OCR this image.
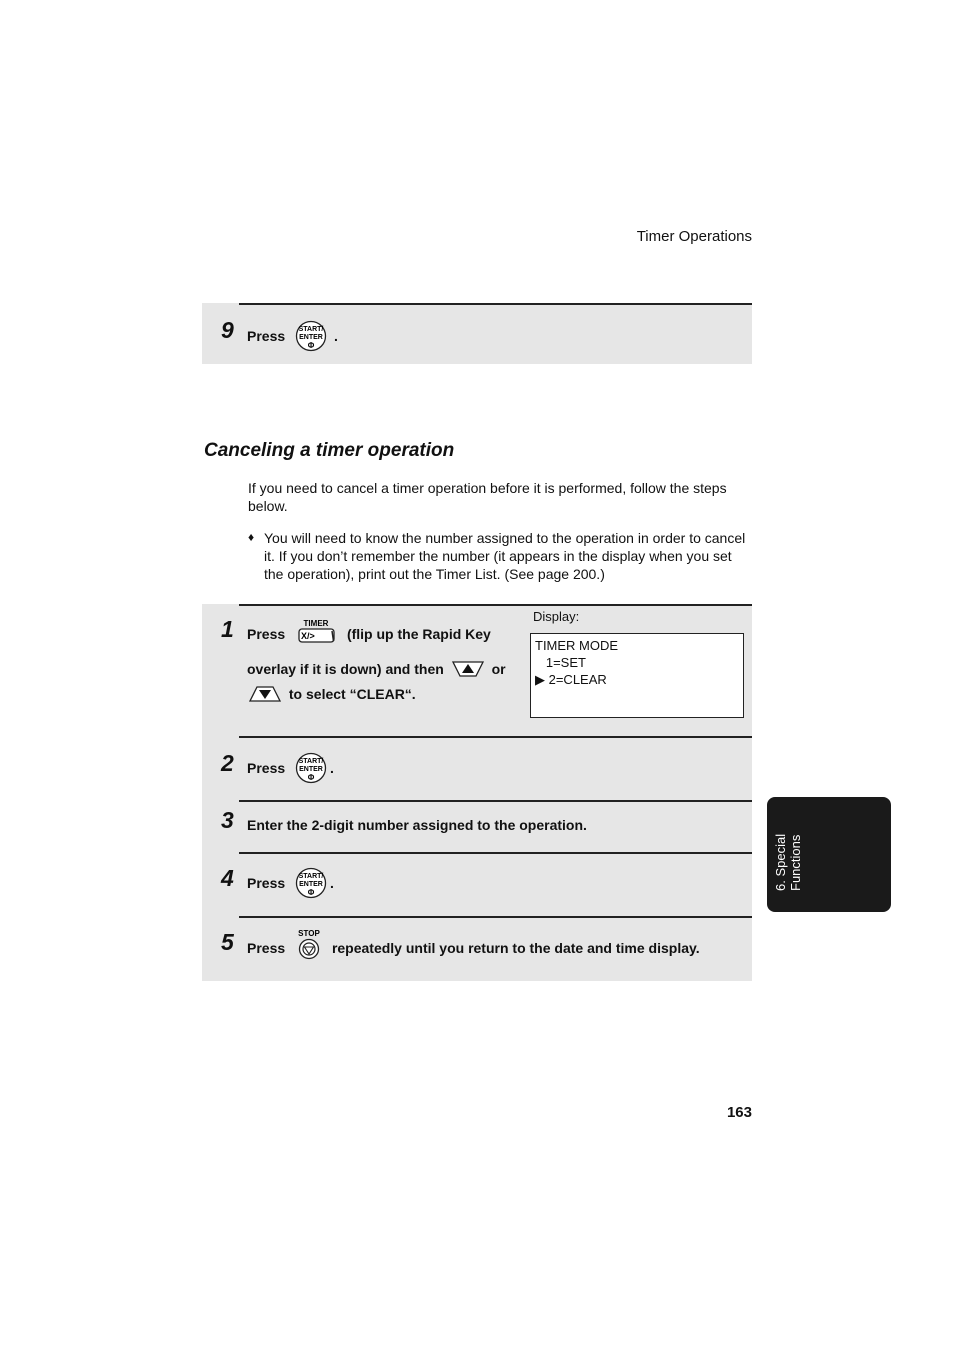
Timer Operations
9 Press START/
ENTER
Φ
.
Canceling a timer operation
If you need to cancel a timer operation before it is performed, follow the steps below.
♦ You will need to know the number assigned to the operation in order to cancel it. If you don’t remember the number (it appears in the display when you set the operation), print out the Timer List. (See page 200.)
1 Press
TIMER
X/> (flip up the Rapid Key
overlay if it is down) and then	or
to select “CLEAR“.
Display:
TIMER MODE
1=SET
▶ 2=CLEAR
2 Press START/
ENTER
Φ
.
3 Enter the 2-digit number assigned to the operation.
4 Press START/
ENTER
Φ
.
5 Press
STOP
repeatedly until you return to the date and time display.
6. Special Functions
163
